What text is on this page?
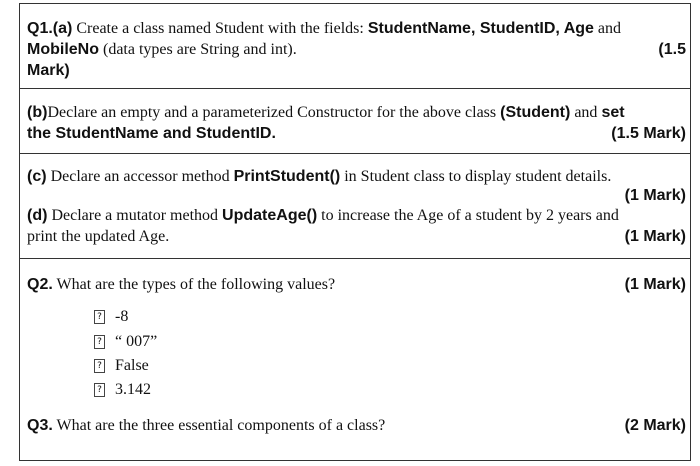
Q1.(a) Create a class named Student with the fields: StudentName, StudentID, Age and
MobileNo (data types are String and int).	(1.5
Mark)
(b)Declare an empty and a parameterized Constructor for the above class (Student) and set
the StudentName and StudentID.	(1.5 Mark)
(c) Declare an accessor method PrintStudent() in Student class to display student details.
(1 Mark)
(d) Declare a mutator method UpdateAge() to increase the Age of a student by 2 years and
print the updated Age.	(1 Mark)
Q2. What are the types of the following values?	(1 Mark)
? -8
? “ 007”
? False
? 3.142
Q3. What are the three essential components of a class?	(2 Mark)
